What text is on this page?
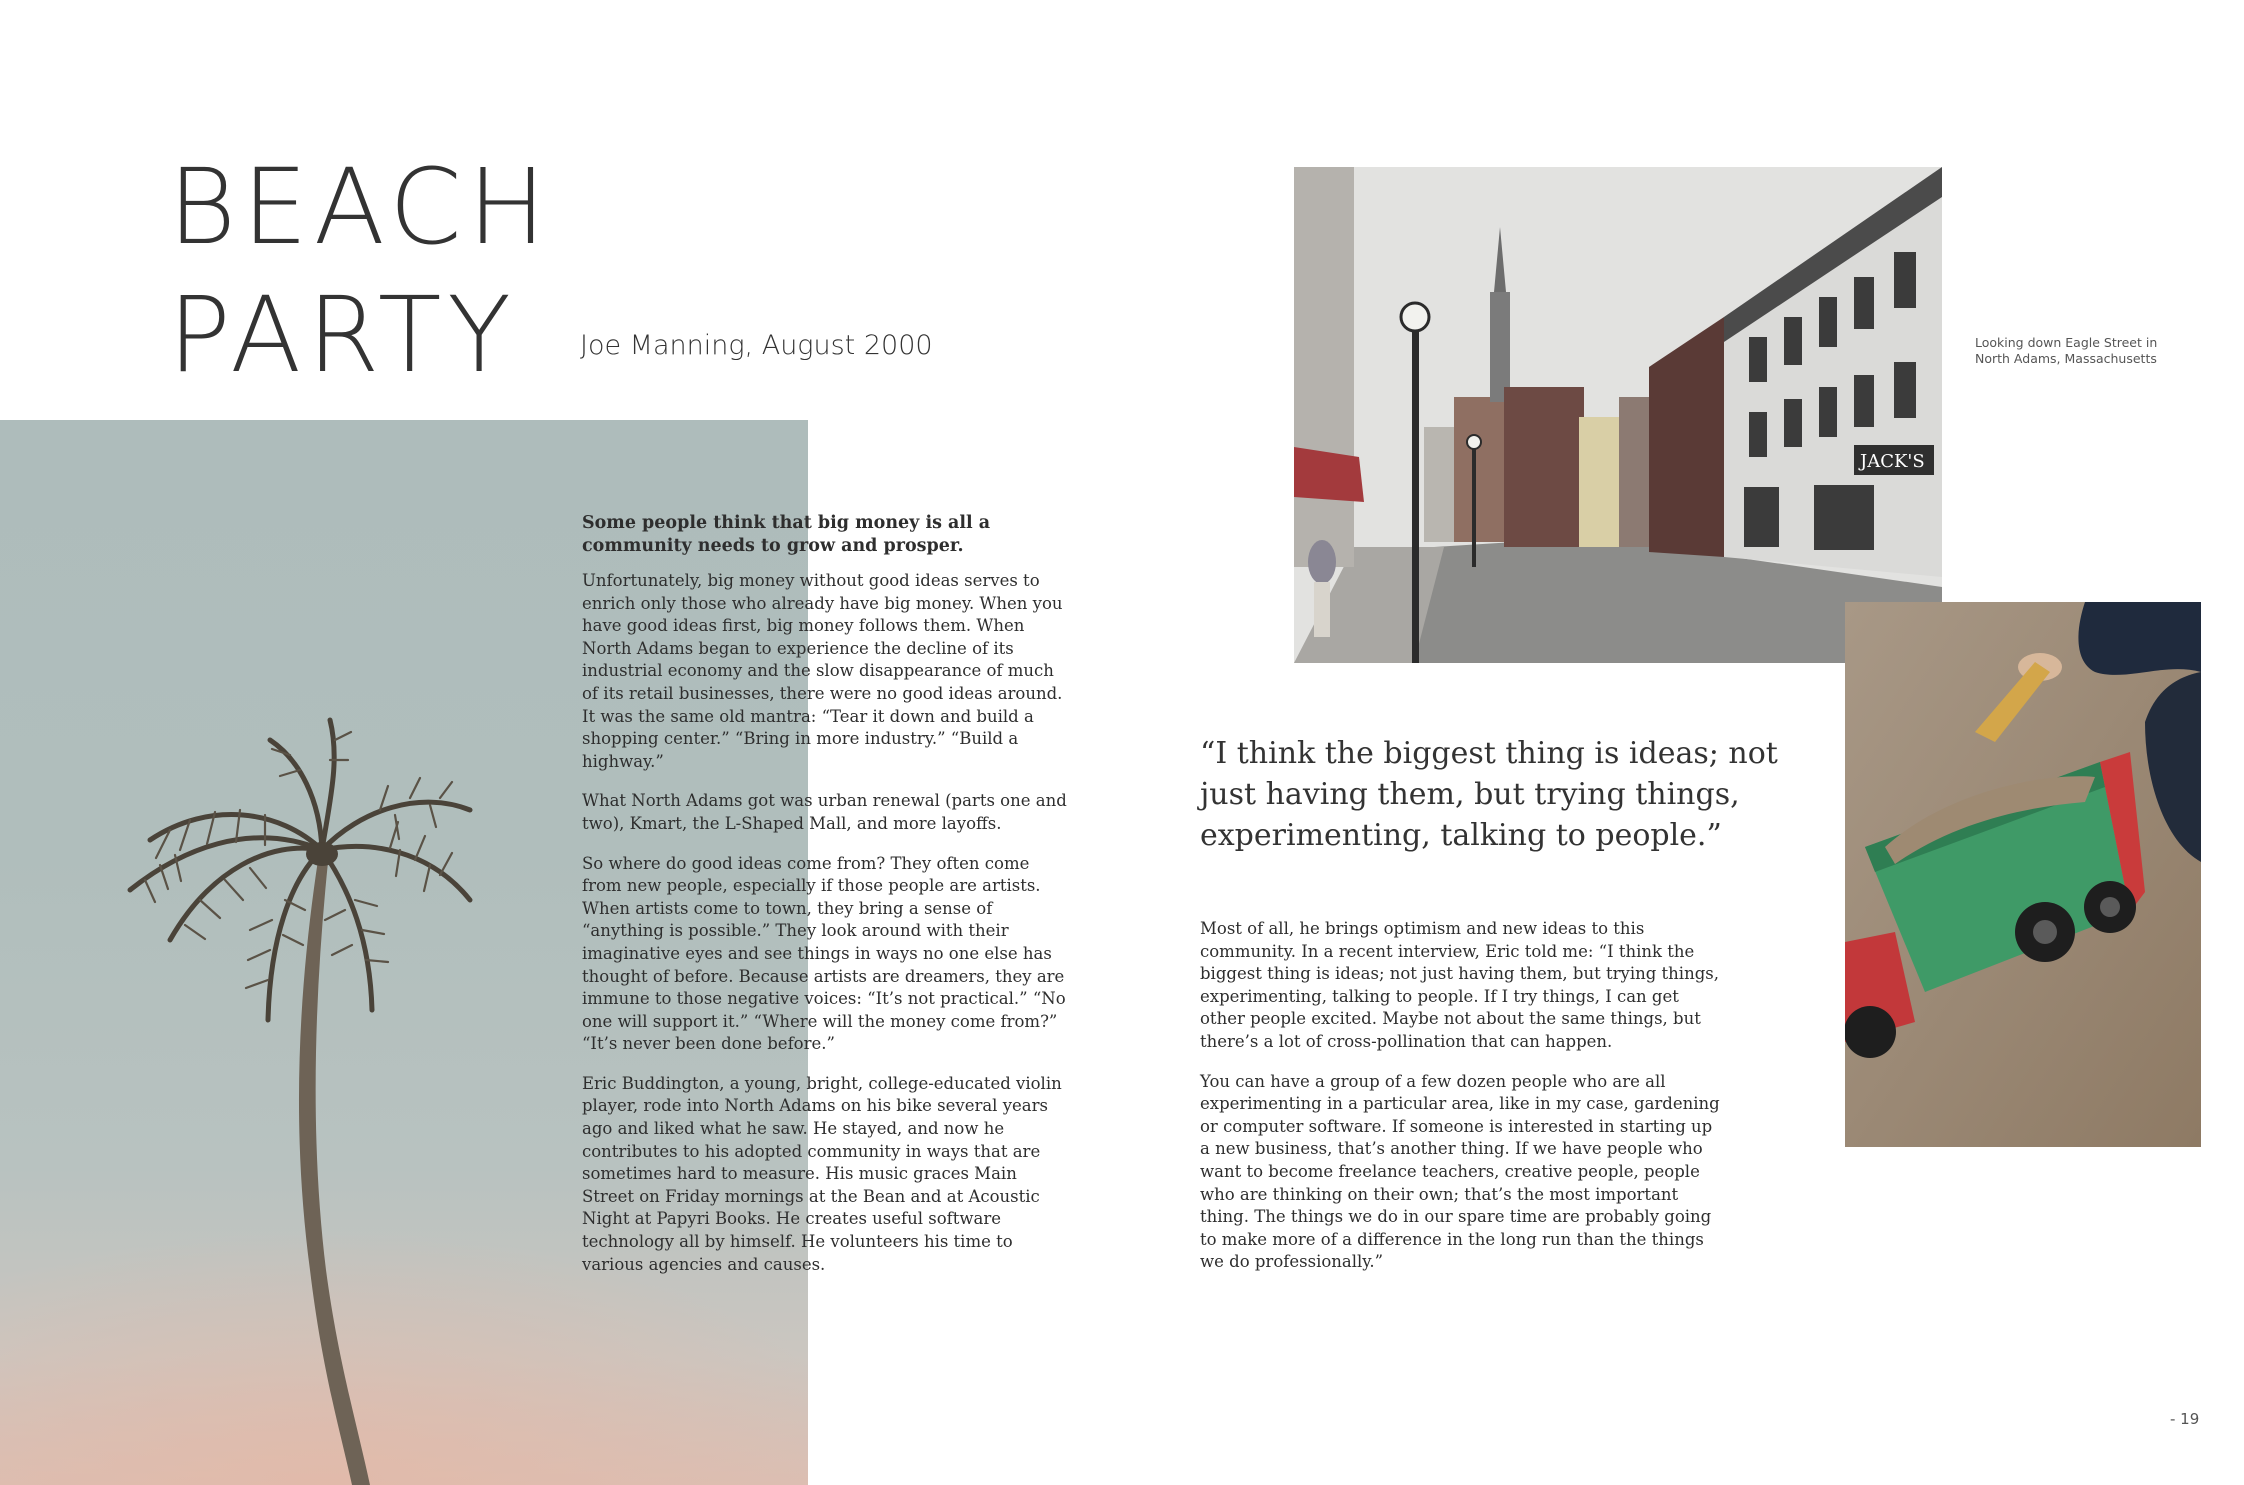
BEACH
PARTY Joe Manning, August 2000

Some people think that big money is all a community needs to grow and prosper.

Unfortunately, big money without good ideas serves to enrich only those who already have big money. When you have good ideas first, big money follows them. When North Adams began to experience the decline of its industrial economy and the slow disappearance of much of its retail businesses, there were no good ideas around. It was the same old mantra: “Tear it down and build a shopping center.” “Bring in more industry.” “Build a highway.”

What North Adams got was urban renewal (parts one and two), Kmart, the L-Shaped Mall, and more layoffs.

So where do good ideas come from? They often come from new people, especially if those people are artists. When artists come to town, they bring a sense of “anything is possible.” They look around with their imaginative eyes and see things in ways no one else has thought of before. Because artists are dreamers, they are immune to those negative voices: “It’s not practical.” “No one will support it.” “Where will the money come from?” “It’s never been done before.”

Eric Buddington, a young, bright, college-educated violin player, rode into North Adams on his bike several years ago and liked what he saw. He stayed, and now he contributes to his adopted community in ways that are sometimes hard to measure. His music graces Main Street on Friday mornings at the Bean and at Acoustic Night at Papyri Books. He creates useful software technology all by himself. He volunteers his time to various agencies and causes.

JACK'S
Looking down Eagle Street in North Adams, Massachusetts
“I think the biggest thing is ideas; not just having them, but trying things, experimenting, talking to people.”

Most of all, he brings optimism and new ideas to this community. In a recent interview, Eric told me: “I think the biggest thing is ideas; not just having them, but trying things, experimenting, talking to people. If I try things, I can get other people excited. Maybe not about the same things, but there’s a lot of cross-pollination that can happen.

You can have a group of a few dozen people who are all experimenting in a particular area, like in my case, gardening or computer software. If someone is interested in starting up a new business, that’s another thing. If we have people who want to become freelance teachers, creative people, people who are thinking on their own; that’s the most important thing. The things we do in our spare time are probably going to make more of a difference in the long run than the things we do professionally.”

- 19
